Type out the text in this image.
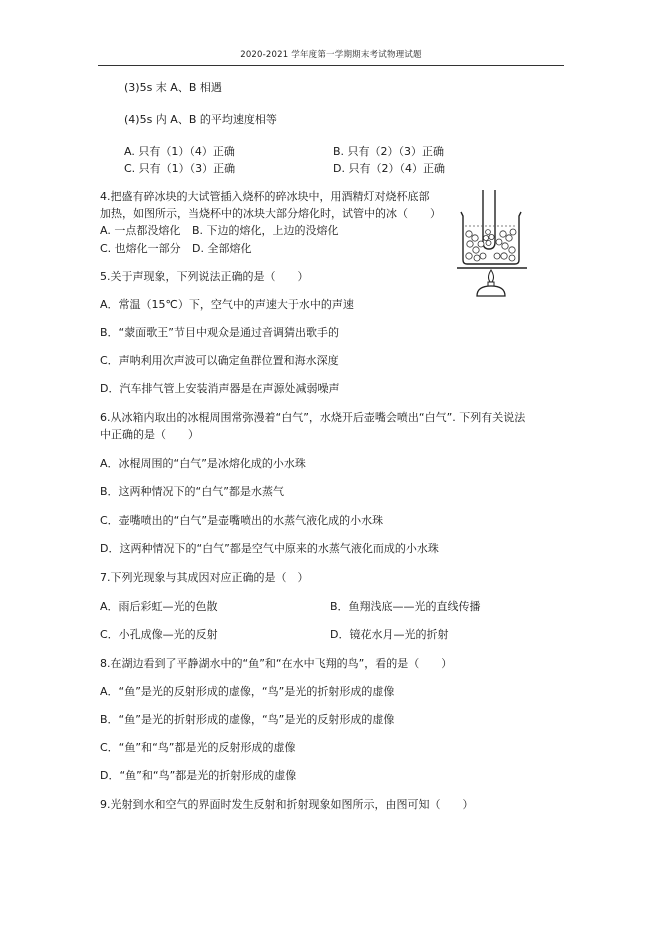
2020-2021 学年度第一学期期末考试物理试题
(3)5s 末 A、B 相遇
(4)5s 内 A、B 的平均速度相等
A. 只有（1）（4）正确	B. 只有（2）（3）正确
C. 只有（1）（3）正确	D. 只有（2）（4）正确
4.把盛有碎冰块的大试管插入烧杯的碎冰块中，用酒精灯对烧杯底部
加热，如图所示，当烧杯中的冰块大部分熔化时，试管中的冰（　　）
A. 一点都没熔化 B. 下边的熔化，上边的没熔化
C. 也熔化一部分 D. 全部熔化
5.关于声现象，下列说法正确的是（　　）
A．常温（15℃）下，空气中的声速大于水中的声速
B．“蒙面歌王”节目中观众是通过音调猜出歌手的
C．声呐利用次声波可以确定鱼群位置和海水深度
D．汽车排气管上安装消声器是在声源处减弱噪声
6.从冰箱内取出的冰棍周围常弥漫着“白气”，水烧开后壶嘴会喷出“白气”. 下列有关说法
中正确的是（　　）
A．冰棍周围的“白气”是冰熔化成的小水珠
B．这两种情况下的“白气”都是水蒸气
C．壶嘴喷出的“白气”是壶嘴喷出的水蒸气液化成的小水珠
D．这两种情况下的“白气”都是空气中原来的水蒸气液化而成的小水珠
7.下列光现象与其成因对应正确的是（　）
A．雨后彩虹—光的色散	B．鱼翔浅底——光的直线传播
C．小孔成像—光的反射	D．镜花水月—光的折射
8.在湖边看到了平静湖水中的“鱼”和“在水中飞翔的鸟”，看的是（　　）
A．“鱼”是光的反射形成的虚像，“鸟”是光的折射形成的虚像
B．“鱼”是光的折射形成的虚像，“鸟”是光的反射形成的虚像
C．“鱼”和“鸟”都是光的反射形成的虚像
D．“鱼”和“鸟”都是光的折射形成的虚像
9.光射到水和空气的界面时发生反射和折射现象如图所示，由图可知（　　）
